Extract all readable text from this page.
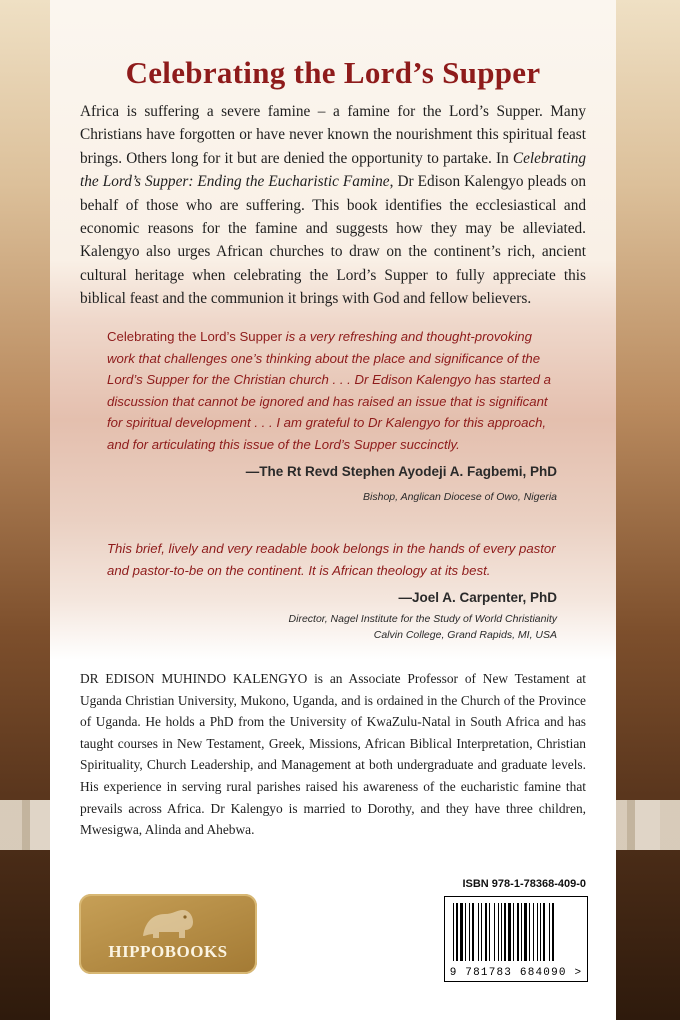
Celebrating the Lord’s Supper

Africa is suffering a severe famine – a famine for the Lord’s Supper. Many Christians have forgotten or have never known the nourishment this spiritual feast brings. Others long for it but are denied the opportunity to partake. In Celebrating the Lord’s Supper: Ending the Eucharistic Famine, Dr Edison Kalengyo pleads on behalf of those who are suffering. This book identifies the ecclesiastical and economic reasons for the famine and suggests how they may be alleviated. Kalengyo also urges African churches to draw on the continent’s rich, ancient cultural heritage when celebrating the Lord’s Supper to fully appreciate this biblical feast and the communion it brings with God and fellow believers.

Celebrating the Lord’s Supper is a very refreshing and thought-provoking work that challenges one’s thinking about the place and significance of the Lord’s Supper for the Christian church . . . Dr Edison Kalengyo has started a discussion that cannot be ignored and has raised an issue that is significant for spiritual development . . . I am grateful to Dr Kalengyo for this approach, and for articulating this issue of the Lord’s Supper succinctly.

—The Rt Revd Stephen Ayodeji A. Fagbemi, PhD
Bishop, Anglican Diocese of Owo, Nigeria

This brief, lively and very readable book belongs in the hands of every pastor and pastor-to-be on the continent. It is African theology at its best.

—Joel A. Carpenter, PhD
Director, Nagel Institute for the Study of World Christianity
Calvin College, Grand Rapids, MI, USA

DR EDISON MUHINDO KALENGYO is an Associate Professor of New Testament at Uganda Christian University, Mukono, Uganda, and is ordained in the Church of the Province of Uganda. He holds a PhD from the University of KwaZulu-Natal in South Africa and has taught courses in New Testament, Greek, Missions, African Biblical Interpretation, Christian Spirituality, Church Leadership, and Management at both undergraduate and graduate levels. His experience in serving rural parishes raised his awareness of the eucharistic famine that prevails across Africa. Dr Kalengyo is married to Dorothy, and they have three children, Mwesigwa, Alinda and Ahebwa.

HIPPOBOOKS
ISBN 978-1-78368-409-0
9 781783 684090 >
